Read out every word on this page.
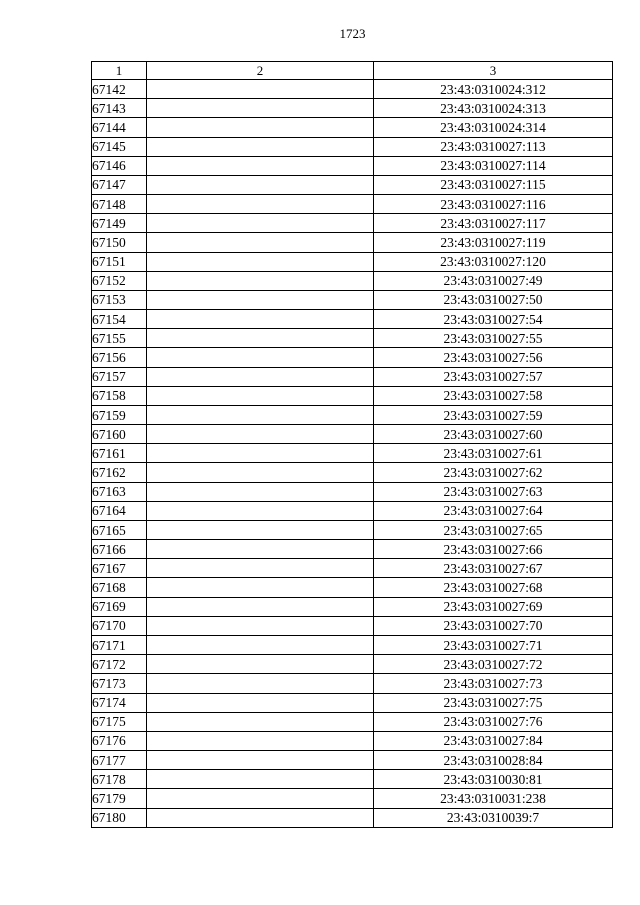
1723
1	2	3
67142		23:43:0310024:312
67143		23:43:0310024:313
67144		23:43:0310024:314
67145		23:43:0310027:113
67146		23:43:0310027:114
67147		23:43:0310027:115
67148		23:43:0310027:116
67149		23:43:0310027:117
67150		23:43:0310027:119
67151		23:43:0310027:120
67152		23:43:0310027:49
67153		23:43:0310027:50
67154		23:43:0310027:54
67155		23:43:0310027:55
67156		23:43:0310027:56
67157		23:43:0310027:57
67158		23:43:0310027:58
67159		23:43:0310027:59
67160		23:43:0310027:60
67161		23:43:0310027:61
67162		23:43:0310027:62
67163		23:43:0310027:63
67164		23:43:0310027:64
67165		23:43:0310027:65
67166		23:43:0310027:66
67167		23:43:0310027:67
67168		23:43:0310027:68
67169		23:43:0310027:69
67170		23:43:0310027:70
67171		23:43:0310027:71
67172		23:43:0310027:72
67173		23:43:0310027:73
67174		23:43:0310027:75
67175		23:43:0310027:76
67176		23:43:0310027:84
67177		23:43:0310028:84
67178		23:43:0310030:81
67179		23:43:0310031:238
67180		23:43:0310039:7
